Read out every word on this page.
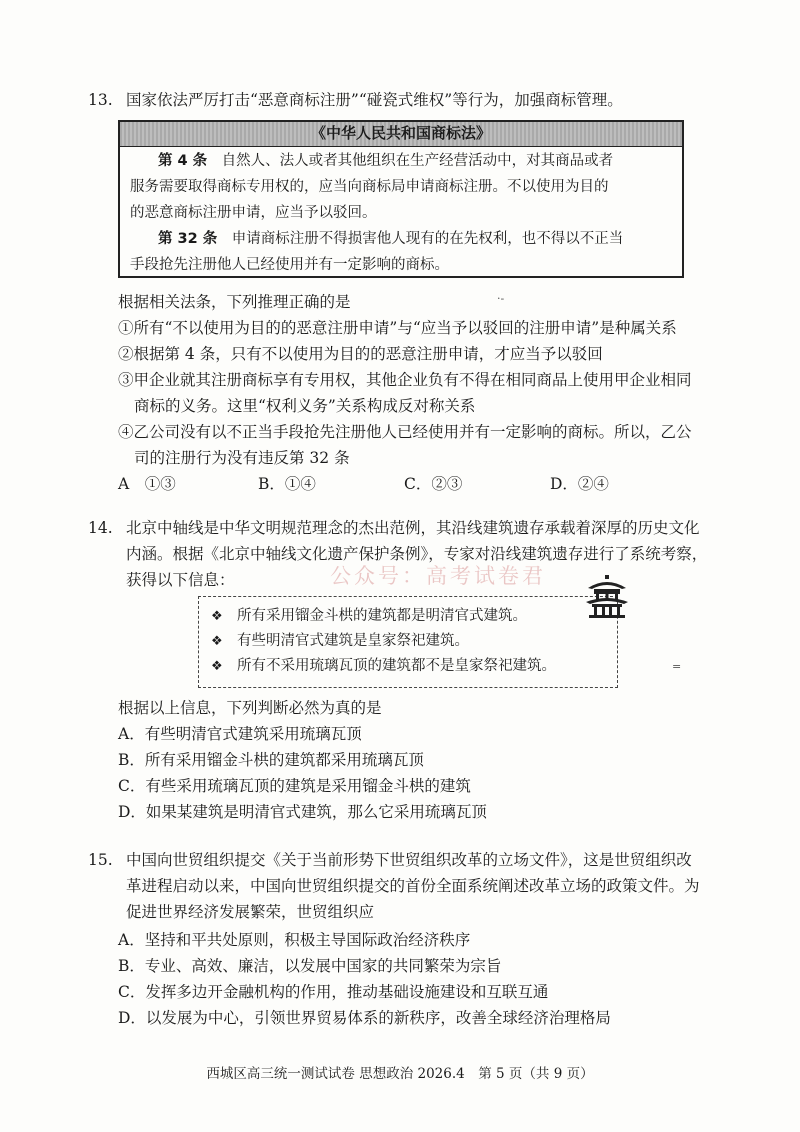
13. 国家依法严厉打击“恶意商标注册”“碰瓷式维权”等行为，加强商标管理。
《中华人民共和国商标法》
第 4 条　自然人、法人或者其他组织在生产经营活动中，对其商品或者
服务需要取得商标专用权的，应当向商标局申请商标注册。不以使用为目的
的恶意商标注册申请，应当予以驳回。
第 32 条　申请商标注册不得损害他人现有的在先权利，也不得以不正当
手段抢先注册他人已经使用并有一定影响的商标。
根据相关法条，下列推理正确的是	·‐
①所有“不以使用为目的的恶意注册申请”与“应当予以驳回的注册申请”是种属关系
②根据第 4 条，只有不以使用为目的的恶意注册申请，才应当予以驳回
③甲企业就其注册商标享有专用权，其他企业负有不得在相同商品上使用甲企业相同
商标的义务。这里“权利义务”关系构成反对称关系
④乙公司没有以不正当手段抢先注册他人已经使用并有一定影响的商标。所以，乙公
司的注册行为没有违反第 32 条
A　①③	B．①④	C．②③	D．②④
14. 北京中轴线是中华文明规范理念的杰出范例，其沿线建筑遗存承载着深厚的历史文化
内涵。根据《北京中轴线文化遗产保护条例》，专家对沿线建筑遗存进行了系统考察，
获得以下信息：	公众号：高考试卷君
❖ 所有采用镏金斗栱的建筑都是明清官式建筑。
❖ 有些明清官式建筑是皇家祭祀建筑。
❖ 所有不采用琉璃瓦顶的建筑都不是皇家祭祀建筑。	=
根据以上信息，下列判断必然为真的是
A．有些明清官式建筑采用琉璃瓦顶
B．所有采用镏金斗栱的建筑都采用琉璃瓦顶
C．有些采用琉璃瓦顶的建筑是采用镏金斗栱的建筑
D．如果某建筑是明清官式建筑，那么它采用琉璃瓦顶
15. 中国向世贸组织提交《关于当前形势下世贸组织改革的立场文件》，这是世贸组织改
革进程启动以来，中国向世贸组织提交的首份全面系统阐述改革立场的政策文件。为
促进世界经济发展繁荣，世贸组织应
A．坚持和平共处原则，积极主导国际政治经济秩序
B．专业、高效、廉洁，以发展中国家的共同繁荣为宗旨
C．发挥多边开金融机构的作用，推动基础设施建设和互联互通
D．以发展为中心，引领世界贸易体系的新秩序，改善全球经济治理格局
西城区高三统一测试试卷 思想政治 2026.4　第 5 页（共 9 页）
